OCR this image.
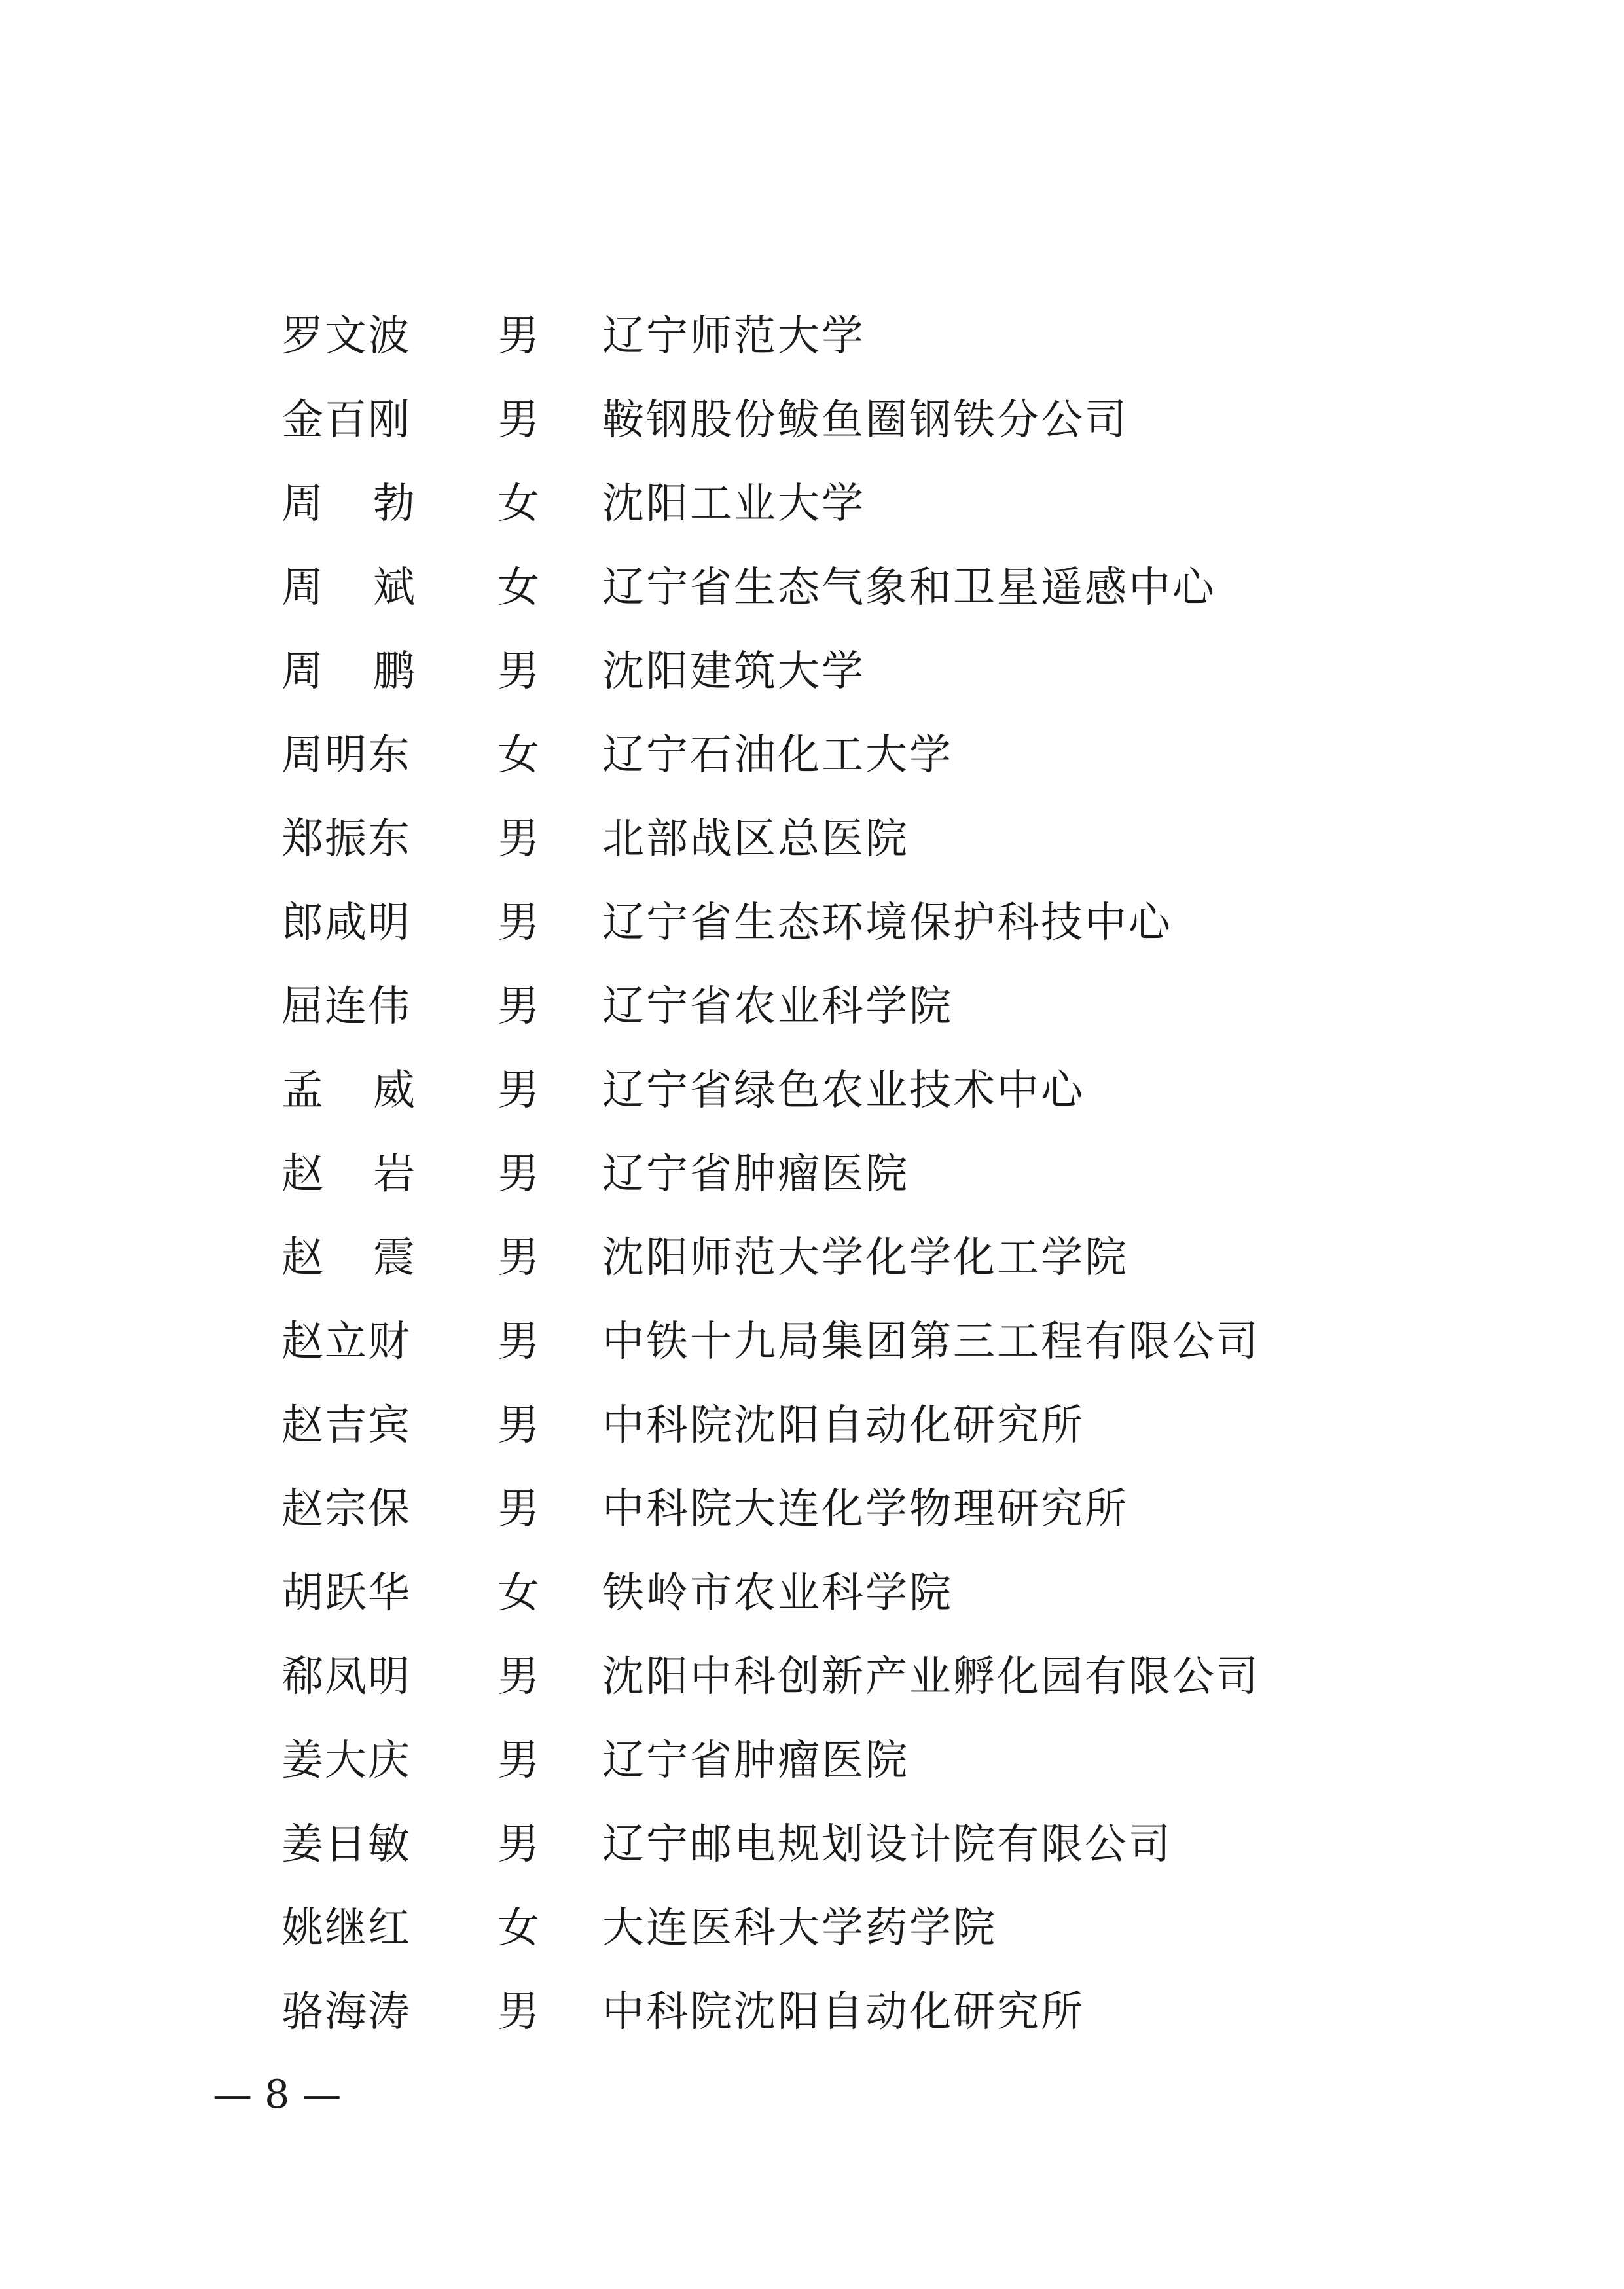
罗文波	男	辽宁师范大学
金百刚	男	鞍钢股份鲅鱼圈钢铁分公司
周 勃	女	沈阳工业大学
周 斌	女	辽宁省生态气象和卫星遥感中心
周 鹏	男	沈阳建筑大学
周明东	女	辽宁石油化工大学
郑振东	男	北部战区总医院
郎咸明	男	辽宁省生态环境保护科技中心
屈连伟	男	辽宁省农业科学院
孟 威	男	辽宁省绿色农业技术中心
赵 岩	男	辽宁省肿瘤医院
赵 震	男	沈阳师范大学化学化工学院
赵立财	男	中铁十九局集团第三工程有限公司
赵吉宾	男	中科院沈阳自动化研究所
赵宗保	男	中科院大连化学物理研究所
胡跃华	女	铁岭市农业科学院
郗凤明	男	沈阳中科创新产业孵化园有限公司
姜大庆	男	辽宁省肿瘤医院
姜日敏	男	辽宁邮电规划设计院有限公司
姚继红	女	大连医科大学药学院
骆海涛	男	中科院沈阳自动化研究所
— 8 —
